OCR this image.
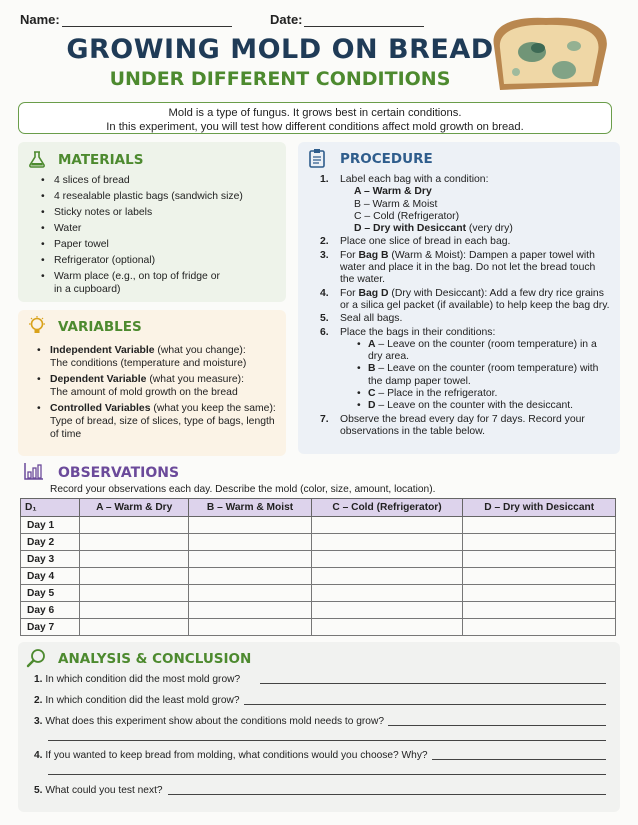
Name:	Date:
GROWING MOLD ON BREAD
UNDER DIFFERENT CONDITIONS
Mold is a type of fungus. It grows best in certain conditions.
In this experiment, you will test how different conditions affect mold growth on bread.
MATERIALS
• 4 slices of bread
• 4 resealable plastic bags (sandwich size)
• Sticky notes or labels
• Water
• Paper towel
• Refrigerator (optional)
• Warm place (e.g., on top of fridge or in a cupboard)
VARIABLES
• Independent Variable (what you change):
The conditions (temperature and moisture)
• Dependent Variable (what you measure):
The amount of mold growth on the bread
• Controlled Variables (what you keep the same):
Type of bread, size of slices, type of bags, length of time
PROCEDURE
1. Label each bag with a condition:
A – Warm & Dry
B – Warm & Moist
C – Cold (Refrigerator)
D – Dry with Desiccant (very dry)
2. Place one slice of bread in each bag.
3. For Bag B (Warm & Moist): Dampen a paper towel with water and place it in the bag. Do not let the bread touch the water.
4. For Bag D (Dry with Desiccant): Add a few dry rice grains or a silica gel packet (if available) to help keep the bag dry.
5. Seal all bags.
6. Place the bags in their conditions:
• A – Leave on the counter (room temperature) in a dry area.
• B – Leave on the counter (room temperature) with the damp paper towel.
• C – Place in the refrigerator.
• D – Leave on the counter with the desiccant.
7. Observe the bread every day for 7 days. Record your observations in the table below.
OBSERVATIONS
Record your observations each day. Describe the mold (color, size, amount, location).
D₁	A – Warm & Dry	B – Warm & Moist	C – Cold (Refrigerator)	D – Dry with Desiccant
Day 1				
Day 2				
Day 3				
Day 4				
Day 5				
Day 6				
Day 7				
ANALYSIS & CONCLUSION
1. In which condition did the most mold grow?
2. In which condition did the least mold grow?
3. What does this experiment show about the conditions mold needs to grow?
4. If you wanted to keep bread from molding, what conditions would you choose? Why?
5. What could you test next?
